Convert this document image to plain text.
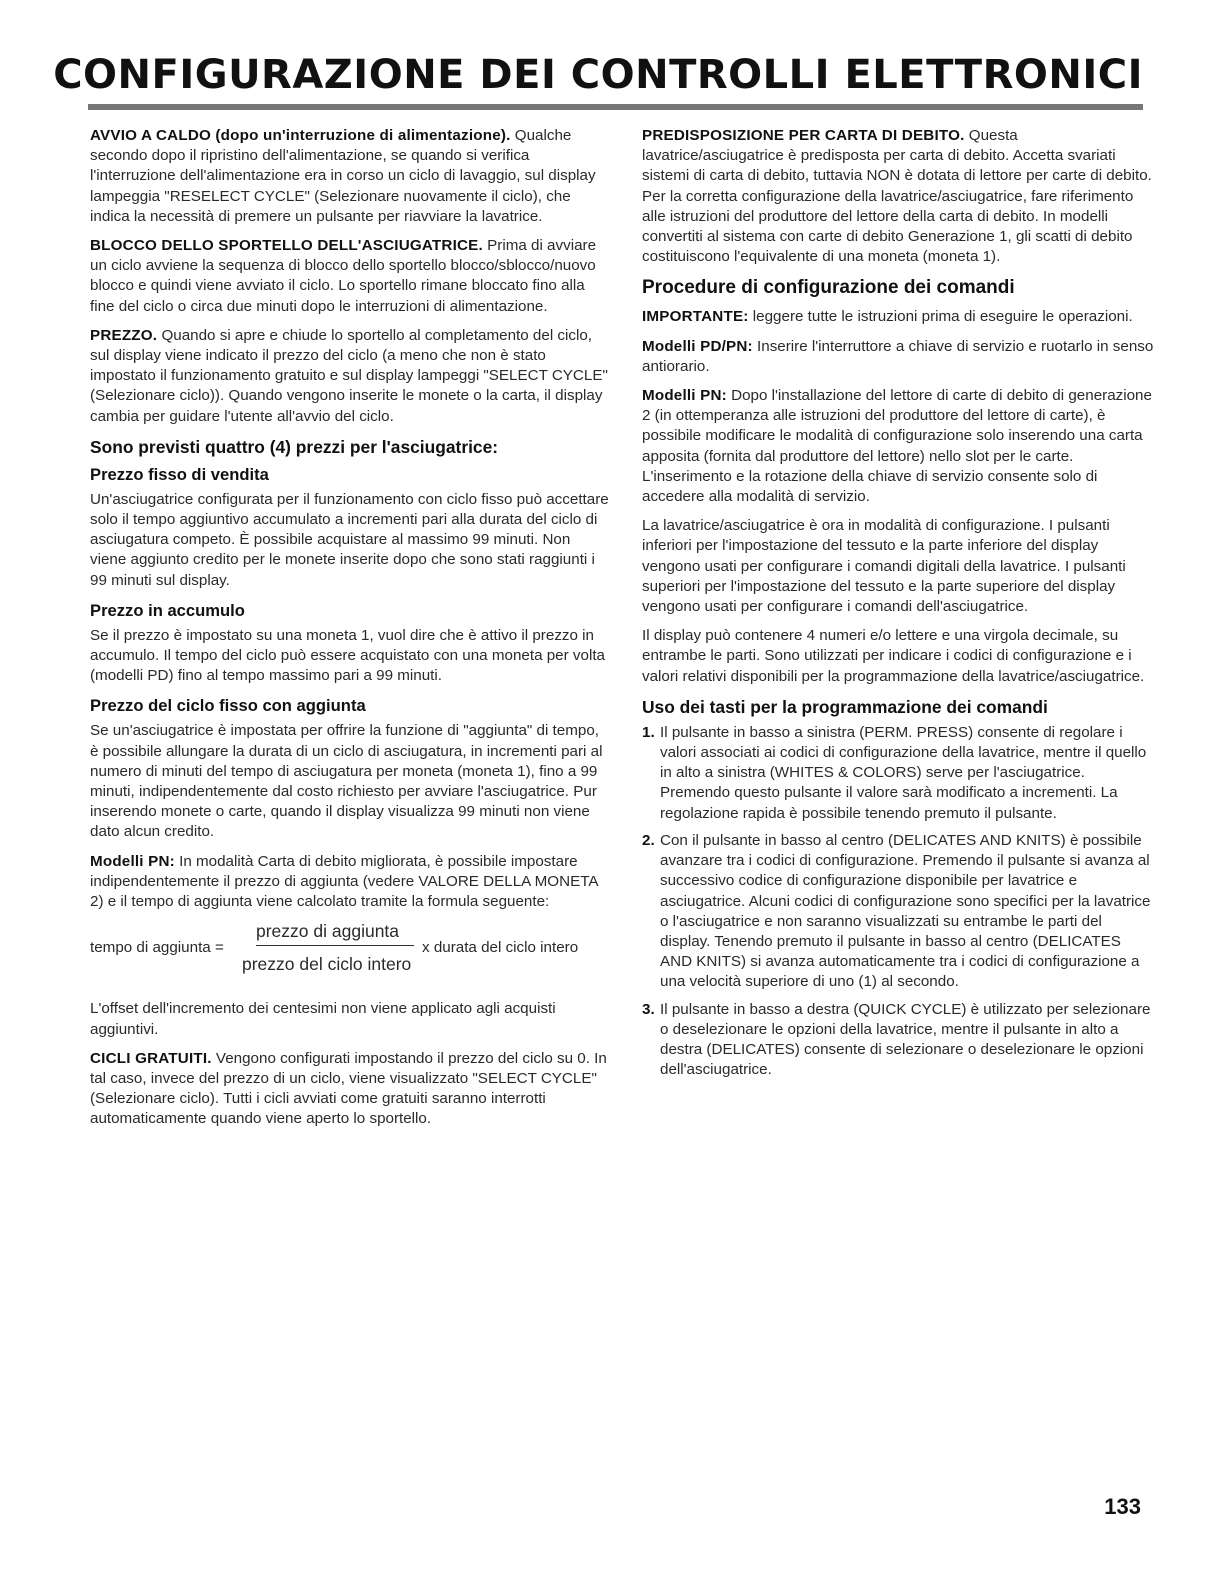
CONFIGURAZIONE DEI CONTROLLI ELETTRONICI

AVVIO A CALDO (dopo un'interruzione di alimentazione). Qualche secondo dopo il ripristino dell'alimentazione, se quando si verifica l'interruzione dell'alimentazione era in corso un ciclo di lavaggio, sul display lampeggia "RESELECT CYCLE" (Selezionare nuovamente il ciclo), che indica la necessità di premere un pulsante per riavviare la lavatrice.

BLOCCO DELLO SPORTELLO DELL'ASCIUGATRICE. Prima di avviare un ciclo avviene la sequenza di blocco dello sportello blocco/sblocco/nuovo blocco e quindi viene avviato il ciclo. Lo sportello rimane bloccato fino alla fine del ciclo o circa due minuti dopo le interruzioni di alimentazione.

PREZZO. Quando si apre e chiude lo sportello al completamento del ciclo, sul display viene indicato il prezzo del ciclo (a meno che non è stato impostato il funzionamento gratuito e sul display lampeggi "SELECT CYCLE" (Selezionare ciclo)). Quando vengono inserite le monete o la carta, il display cambia per guidare l'utente all'avvio del ciclo.

Sono previsti quattro (4) prezzi per l'asciugatrice:
Prezzo fisso di vendita

Un'asciugatrice configurata per il funzionamento con ciclo fisso può accettare solo il tempo aggiuntivo accumulato a incrementi pari alla durata del ciclo di asciugatura competo. È possibile acquistare al massimo 99 minuti. Non viene aggiunto credito per le monete inserite dopo che sono stati raggiunti i 99 minuti sul display.

Prezzo in accumulo

Se il prezzo è impostato su una moneta 1, vuol dire che è attivo il prezzo in accumulo. Il tempo del ciclo può essere acquistato con una moneta per volta (modelli PD) fino al tempo massimo pari a 99 minuti.

Prezzo del ciclo fisso con aggiunta

Se un'asciugatrice è impostata per offrire la funzione di "aggiunta" di tempo, è possibile allungare la durata di un ciclo di asciugatura, in incrementi pari al numero di minuti del tempo di asciugatura per moneta (moneta 1), fino a 99 minuti, indipendentemente dal costo richiesto per avviare l'asciugatrice. Pur inserendo monete o carte, quando il display visualizza 99 minuti non viene dato alcun credito.

Modelli PN: In modalità Carta di debito migliorata, è possibile impostare indipendentemente il prezzo di aggiunta (vedere VALORE DELLA MONETA 2) e il tempo di aggiunta viene calcolato tramite la formula seguente:

tempo di aggiunta =
prezzo di aggiunta
prezzo del ciclo intero
x durata del ciclo intero

L'offset dell'incremento dei centesimi non viene applicato agli acquisti aggiuntivi.

CICLI GRATUITI. Vengono configurati impostando il prezzo del ciclo su 0. In tal caso, invece del prezzo di un ciclo, viene visualizzato "SELECT CYCLE" (Selezionare ciclo). Tutti i cicli avviati come gratuiti saranno interrotti automaticamente quando viene aperto lo sportello.

PREDISPOSIZIONE PER CARTA DI DEBITO. Questa lavatrice/asciugatrice è predisposta per carta di debito. Accetta svariati sistemi di carta di debito, tuttavia NON è dotata di lettore per carte di debito. Per la corretta configurazione della lavatrice/asciugatrice, fare riferimento alle istruzioni del produttore del lettore della carta di debito. In modelli convertiti al sistema con carte di debito Generazione 1, gli scatti di debito costituiscono l'equivalente di una moneta (moneta 1).

Procedure di configurazione dei comandi

IMPORTANTE: leggere tutte le istruzioni prima di eseguire le operazioni.

Modelli PD/PN: Inserire l'interruttore a chiave di servizio e ruotarlo in senso antiorario.

Modelli PN: Dopo l'installazione del lettore di carte di debito di generazione 2 (in ottemperanza alle istruzioni del produttore del lettore di carte), è possibile modificare le modalità di configurazione solo inserendo una carta apposita (fornita dal produttore del lettore) nello slot per le carte. L'inserimento e la rotazione della chiave di servizio consente solo di accedere alla modalità di servizio.

La lavatrice/asciugatrice è ora in modalità di configurazione. I pulsanti inferiori per l'impostazione del tessuto e la parte inferiore del display vengono usati per configurare i comandi digitali della lavatrice. I pulsanti superiori per l'impostazione del tessuto e la parte superiore del display vengono usati per configurare i comandi dell'asciugatrice.

Il display può contenere 4 numeri e/o lettere e una virgola decimale, su entrambe le parti. Sono utilizzati per indicare i codici di configurazione e i valori relativi disponibili per la programmazione della lavatrice/asciugatrice.

Uso dei tasti per la programmazione dei comandi
1. Il pulsante in basso a sinistra (PERM. PRESS) consente di regolare i valori associati ai codici di configurazione della lavatrice, mentre il quello in alto a sinistra (WHITES & COLORS) serve per l'asciugatrice. Premendo questo pulsante il valore sarà modificato a incrementi. La regolazione rapida è possibile tenendo premuto il pulsante.
2. Con il pulsante in basso al centro (DELICATES AND KNITS) è possibile avanzare tra i codici di configurazione. Premendo il pulsante si avanza al successivo codice di configurazione disponibile per lavatrice e asciugatrice. Alcuni codici di configurazione sono specifici per la lavatrice o l'asciugatrice e non saranno visualizzati su entrambe le parti del display. Tenendo premuto il pulsante in basso al centro (DELICATES AND KNITS) si avanza automaticamente tra i codici di configurazione a una velocità superiore di uno (1) al secondo.
3. Il pulsante in basso a destra (QUICK CYCLE) è utilizzato per selezionare o deselezionare le opzioni della lavatrice, mentre il pulsante in alto a destra (DELICATES) consente di selezionare o deselezionare le opzioni dell'asciugatrice.
133
